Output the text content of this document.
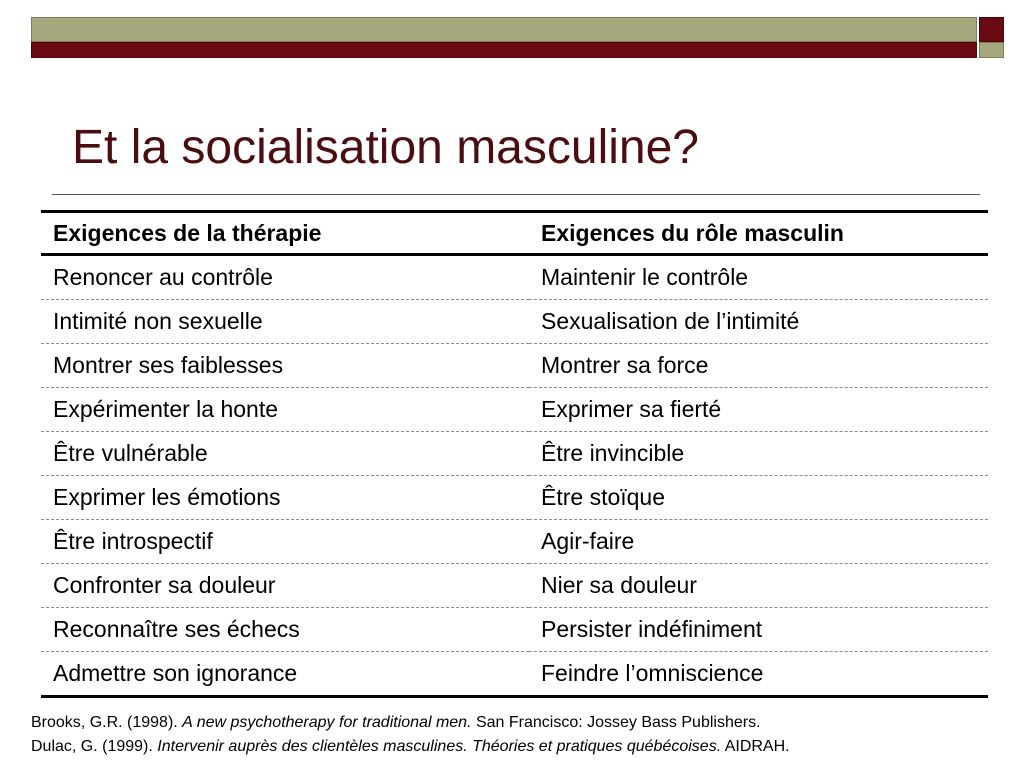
Et la socialisation masculine?
Exigences de la thérapie	Exigences du rôle masculin
Renoncer au contrôle	Maintenir le contrôle
Intimité non sexuelle	Sexualisation de l’intimité
Montrer ses faiblesses	Montrer sa force
Expérimenter la honte	Exprimer sa fierté
Être vulnérable	Être invincible
Exprimer les émotions	Être stoïque
Être introspectif	Agir-faire
Confronter sa douleur	Nier sa douleur
Reconnaître ses échecs	Persister indéfiniment
Admettre son ignorance	Feindre l’omniscience
Brooks, G.R. (1998). A new psychotherapy for traditional men. San Francisco: Jossey Bass Publishers.
Dulac, G. (1999). Intervenir auprès des clientèles masculines. Théories et pratiques québécoises. AIDRAH.
